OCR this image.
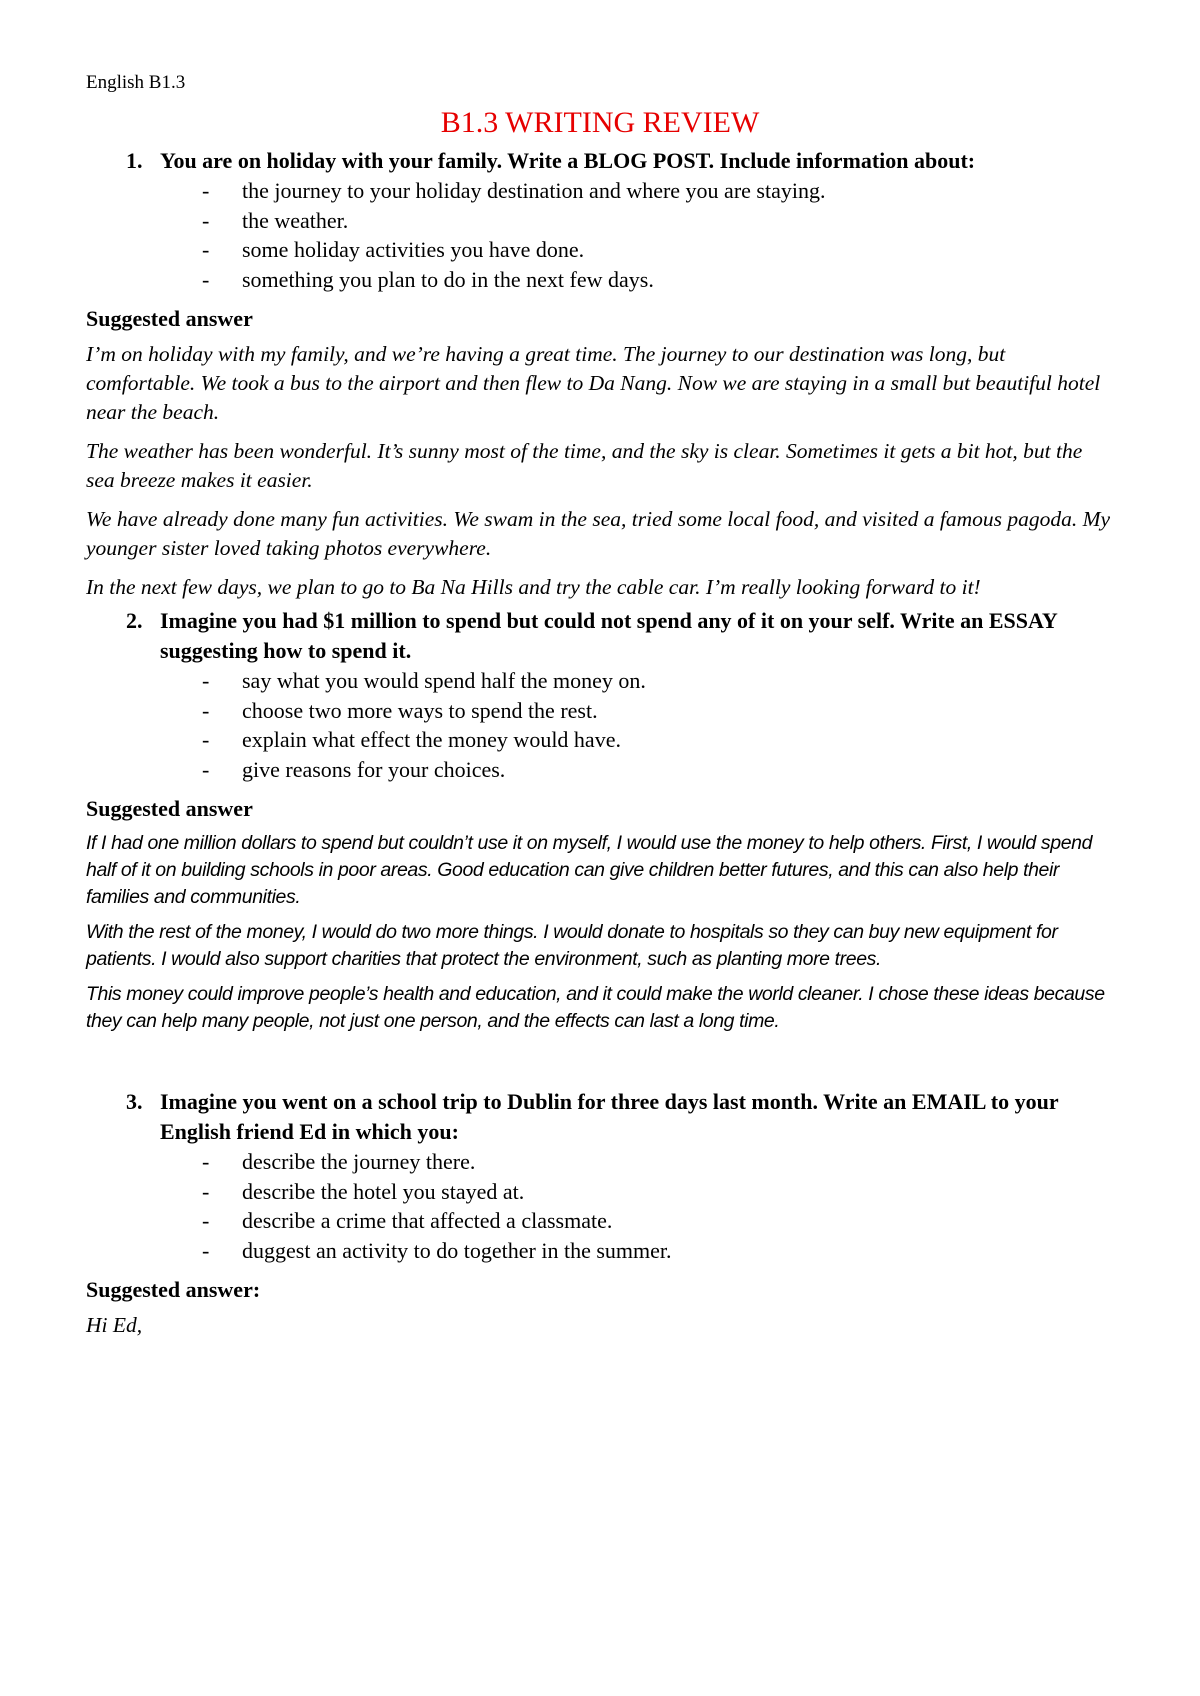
English B1.3
B1.3 WRITING REVIEW
1. You are on holiday with your family. Write a BLOG POST. Include information about:
-	the journey to your holiday destination and where you are staying.
-	the weather.
-	some holiday activities you have done.
-	something you plan to do in the next few days.
Suggested answer

I’m on holiday with my family, and we’re having a great time. The journey to our destination was long, but comfortable. We took a bus to the airport and then flew to Da Nang. Now we are staying in a small but beautiful hotel near the beach.

The weather has been wonderful. It’s sunny most of the time, and the sky is clear. Sometimes it gets a bit hot, but the sea breeze makes it easier.

We have already done many fun activities. We swam in the sea, tried some local food, and visited a famous pagoda. My younger sister loved taking photos everywhere.

In the next few days, we plan to go to Ba Na Hills and try the cable car. I’m really looking forward to it!

2. Imagine you had $1 million to spend but could not spend any of it on your self. Write an ESSAY suggesting how to spend it.
-	say what you would spend half the money on.
-	choose two more ways to spend the rest.
-	explain what effect the money would have.
-	give reasons for your choices.
Suggested answer

If I had one million dollars to spend but couldn’t use it on myself, I would use the money to help others. First, I would spend half of it on building schools in poor areas. Good education can give children better futures, and this can also help their families and communities.

With the rest of the money, I would do two more things. I would donate to hospitals so they can buy new equipment for patients. I would also support charities that protect the environment, such as planting more trees.

This money could improve people’s health and education, and it could make the world cleaner. I chose these ideas because they can help many people, not just one person, and the effects can last a long time.

3. Imagine you went on a school trip to Dublin for three days last month. Write an EMAIL to your English friend Ed in which you:
-	describe the journey there.
-	describe the hotel you stayed at.
-	describe a crime that affected a classmate.
-	duggest an activity to do together in the summer.
Suggested answer:

Hi Ed,
